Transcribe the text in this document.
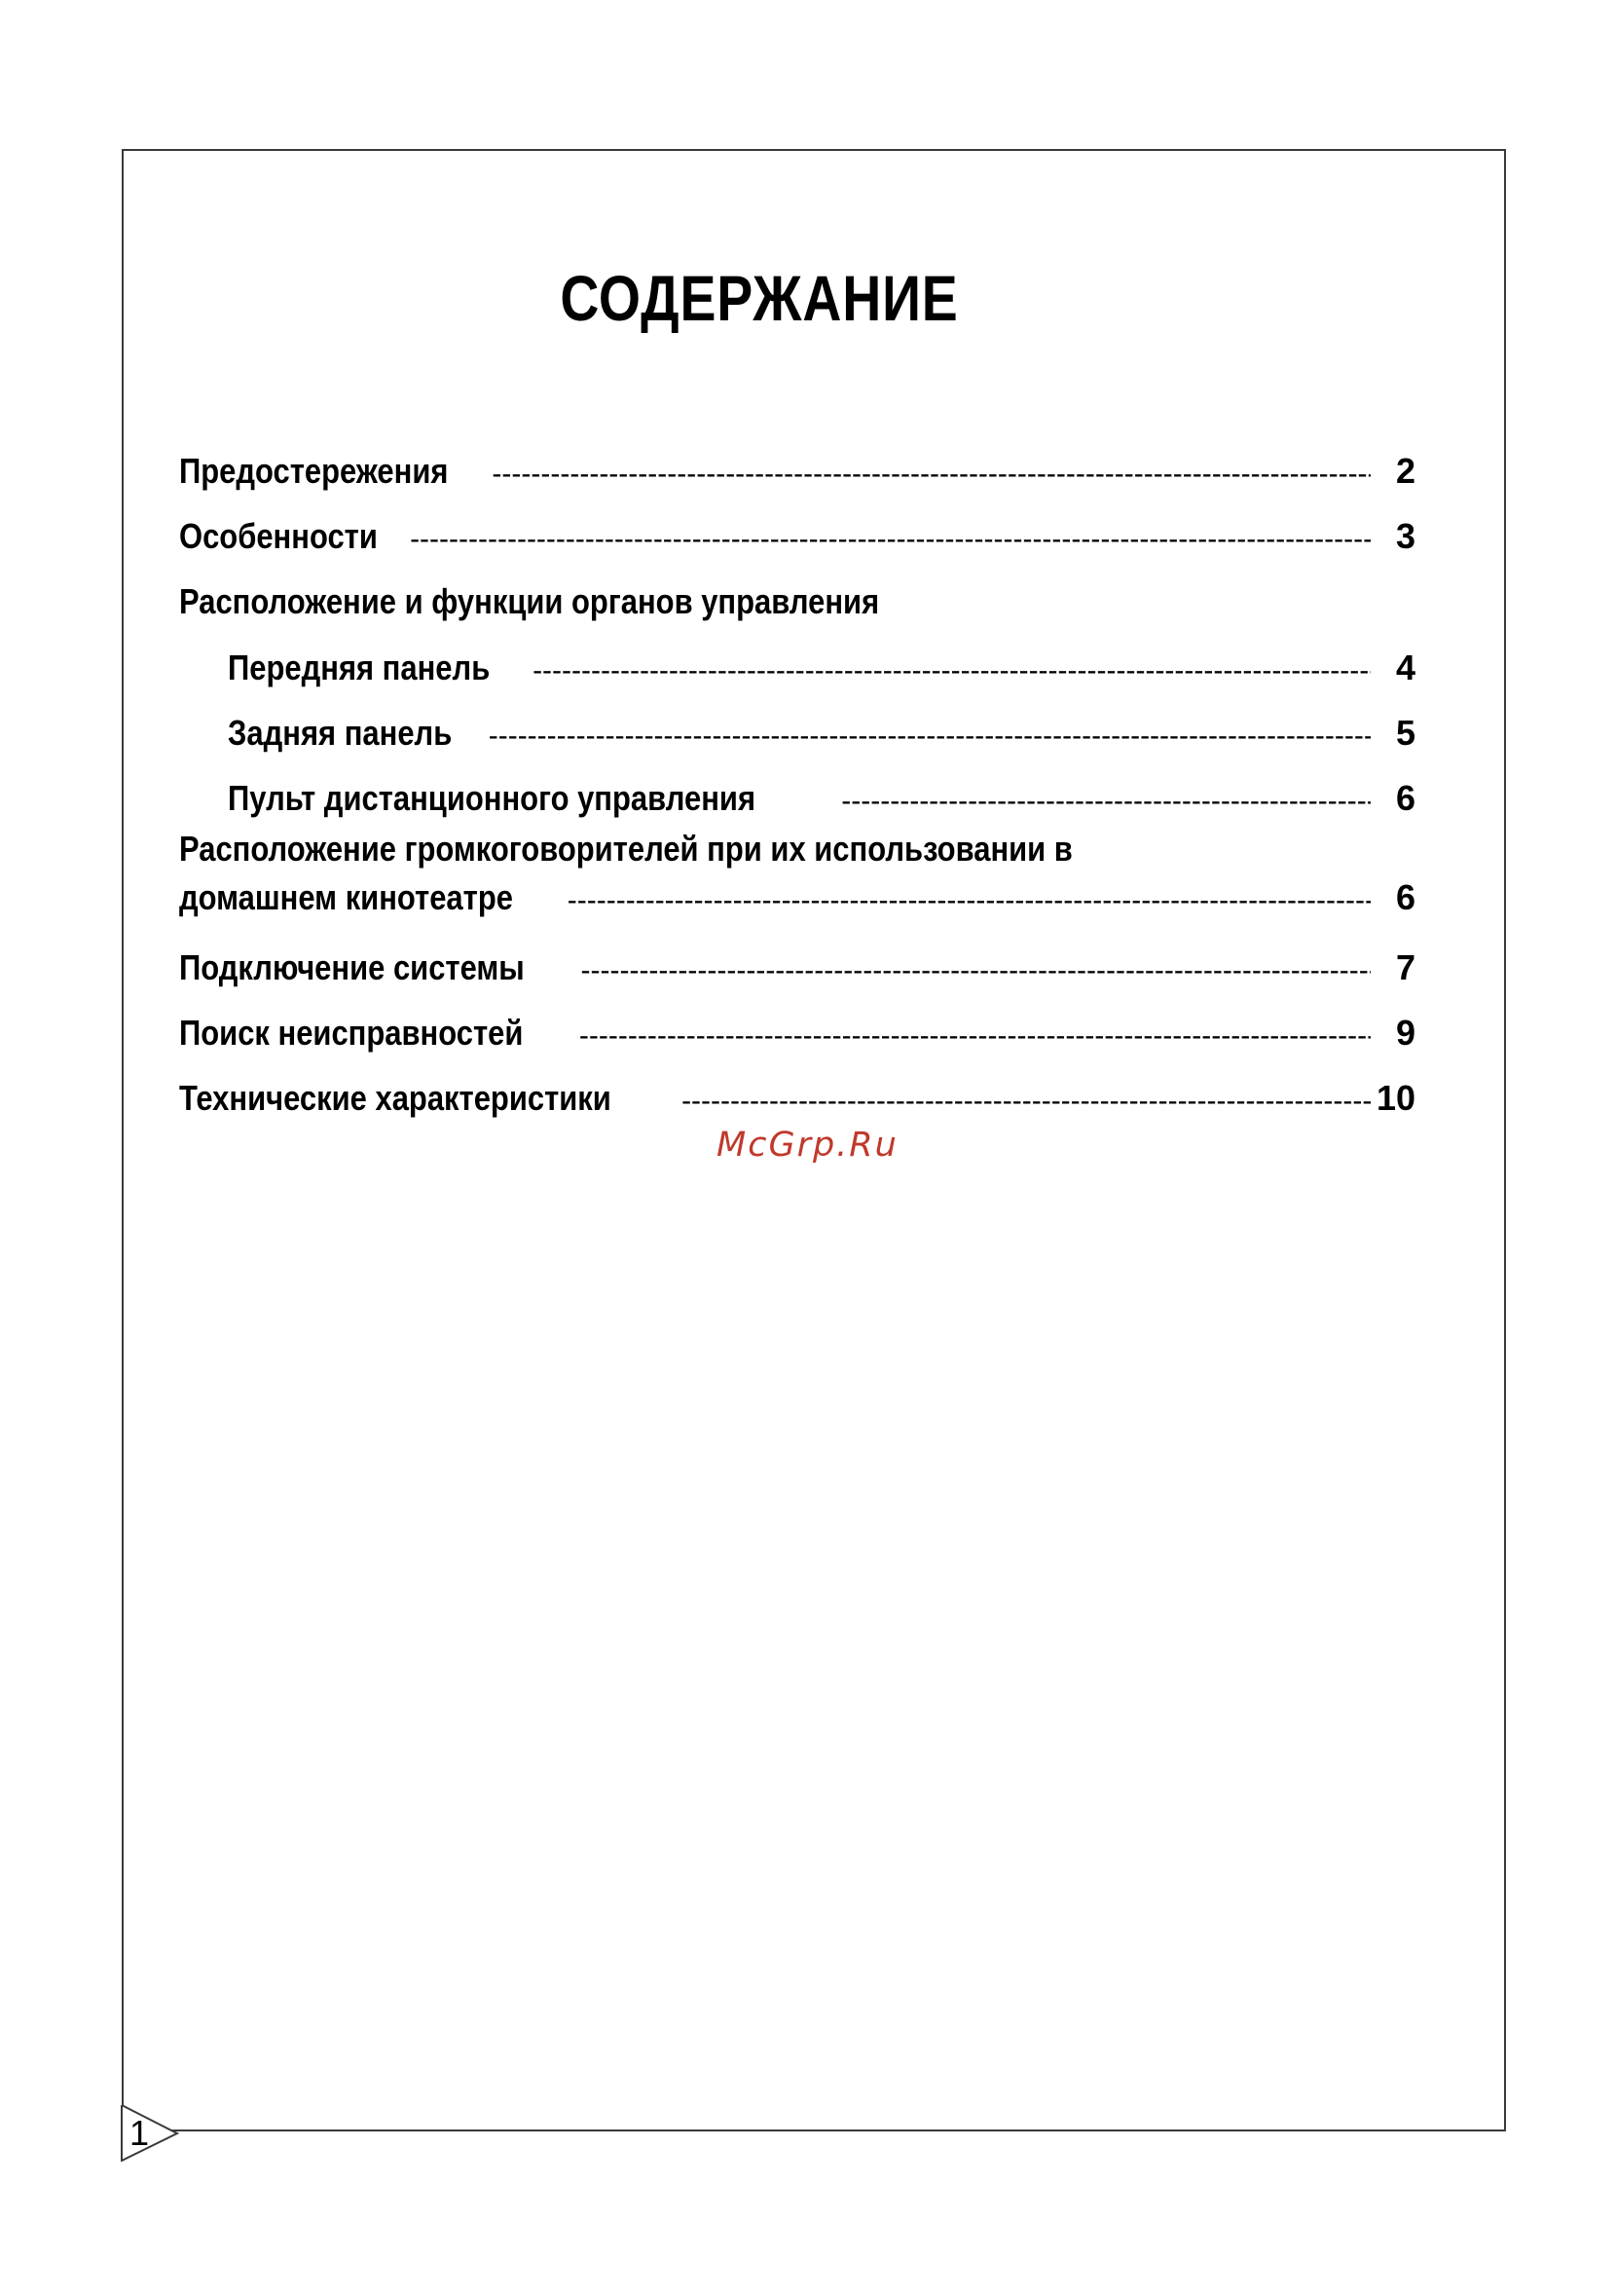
СОДЕРЖАНИЕ
Предостережения -----	2
Особенности -----	3
Расположение и функции органов управления
Передняя панель -----	4
Задняя панель -----	5
Пульт дистанционного управления -----	6
Расположение громкоговорителей при их использовании в
домашнем кинотеатре -----	6
Подключение системы -----	7
Поиск неисправностей -----	9
Технические характеристики -----	10
McGrp.Ru
1
